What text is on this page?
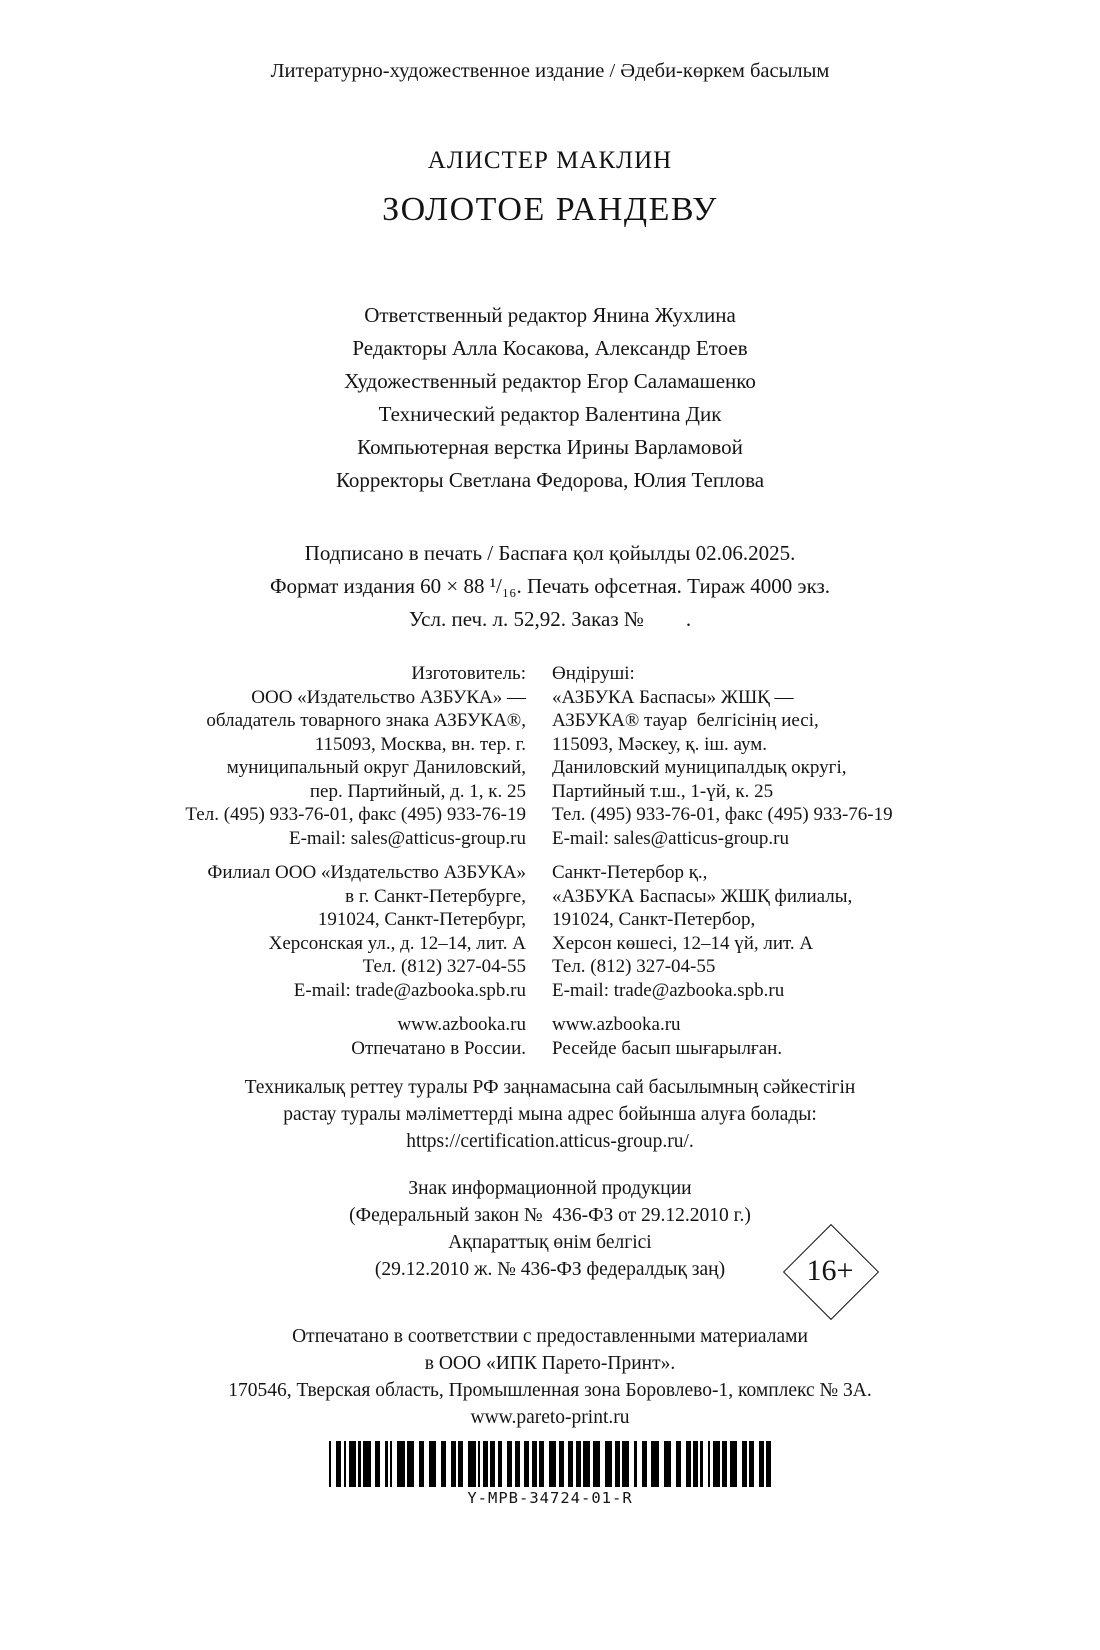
Литературно-художественное издание / Әдеби-көркем басылым
АЛИСТЕР МАКЛИН
ЗОЛОТОЕ РАНДЕВУ
Ответственный редактор Янина Жухлина
Редакторы Алла Косакова, Александр Етоев
Художественный редактор Егор Саламашенко
Технический редактор Валентина Дик
Компьютерная верстка Ирины Варламовой
Корректоры Светлана Федорова, Юлия Теплова
Подписано в печать / Баспаға қол қойылды 02.06.2025.
Формат издания 60 × 88 ¹/₁₆. Печать офсетная. Тираж 4000 экз.
Усл. печ. л. 52,92. Заказ №        .
Изготовитель:
ООО «Издательство АЗБУКА» —
обладатель товарного знака АЗБУКА®,
115093, Москва, вн. тер. г.
муниципальный округ Даниловский,
пер. Партийный, д. 1, к. 25
Тел. (495) 933-76-01, факс (495) 933-76-19
E-mail: sales@atticus-group.ru
Филиал ООО «Издательство АЗБУКА»
в г. Санкт-Петербурге,
191024, Санкт-Петербург,
Херсонская ул., д. 12–14, лит. А
Тел. (812) 327-04-55
E-mail: trade@azbooka.spb.ru
www.azbooka.ru
Отпечатано в России.
Өндіруші:
«АЗБУКА Баспасы» ЖШҚ —
АЗБУКА® тауар  белгісінің иесі,
115093, Мәскеу, қ. іш. аум.
Даниловский муниципалдық округі,
Партийный т.ш., 1-үй, к. 25
Тел. (495) 933-76-01, факс (495) 933-76-19
E-mail: sales@atticus-group.ru
Санкт-Петербор қ.,
«АЗБУКА Баспасы» ЖШҚ филиалы,
191024, Санкт-Петербор,
Херсон көшесі, 12–14 үй, лит. А
Тел. (812) 327-04-55
E-mail: trade@azbooka.spb.ru
www.azbooka.ru
Ресейде басып шығарылған.
Техникалық реттеу туралы РФ заңнамасына сай басылымның сәйкестігін
растау туралы мәліметтерді мына адрес бойынша алуға болады:
https://certification.atticus-group.ru/.
Знак информационной продукции
(Федеральный закон №  436-ФЗ от 29.12.2010 г.)
Ақпараттық өнім белгісі
(29.12.2010 ж. № 436-ФЗ федералдық заң)	16+
Отпечатано в соответствии с предоставленными материалами
в ООО «ИПК Парето-Принт».
170546, Тверская область, Промышленная зона Боровлево-1, комплекс № 3А.
www.pareto-print.ru
Y-MPB-34724-01-R
